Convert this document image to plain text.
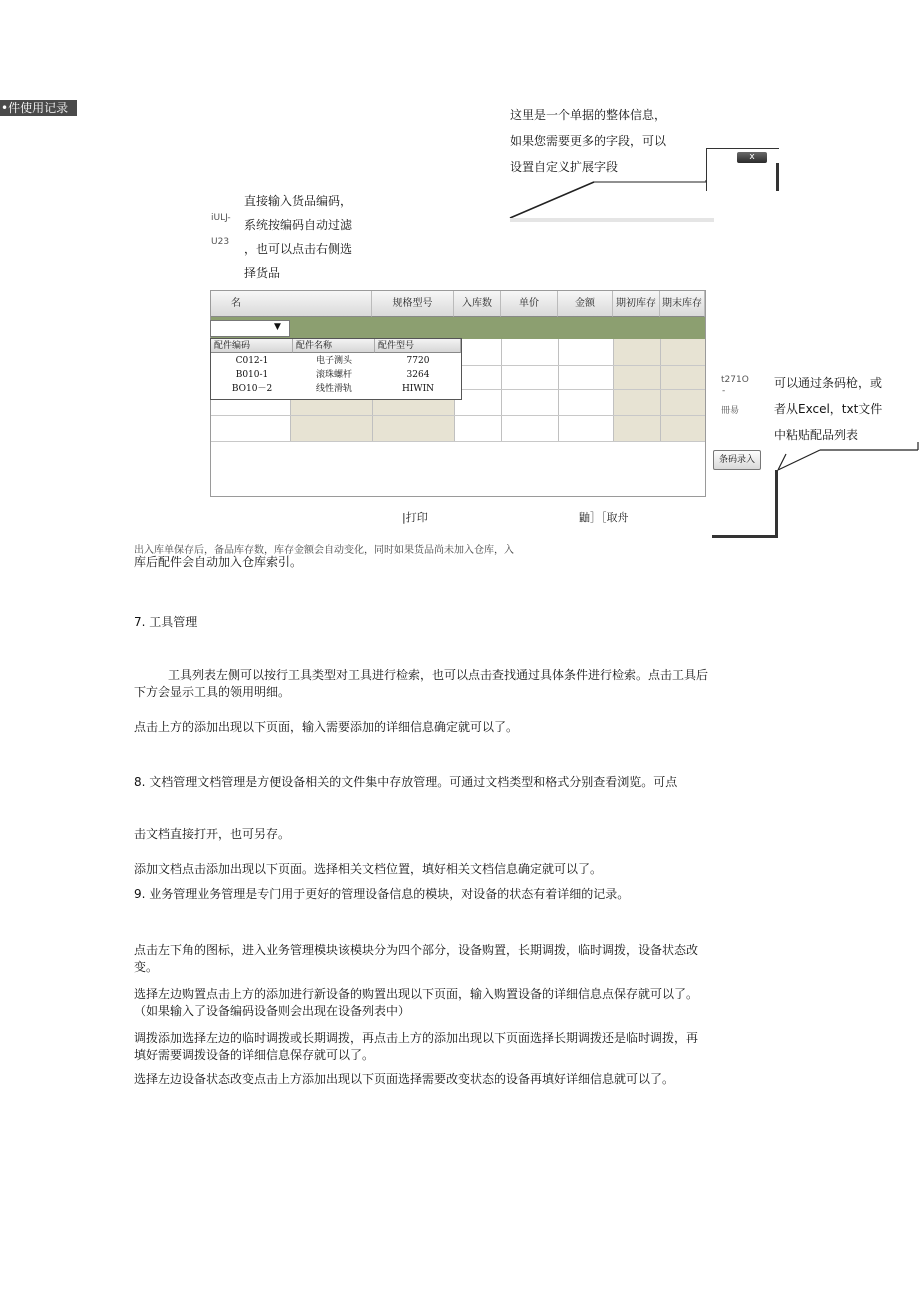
•件使用记录	这里是一个单据的整体信息，
如果您需要更多的字段，可以
设置自定义扩展字段
x
直接输入货品编码，
系统按编码自动过滤
，也可以点击右侧选
择货品
iULJ-
U23
名	规格型号	入库数	单价	金额	期初库存 期末库存
▼
配件编码	配件名称	配件型号
C012-1	电子测头	7720
B010-1	滚珠螺杆	3264
BO10－2	线性滑轨	HIWIN
|打印	鼬］［取舟
t271O
-
冊昜
可以通过条码枪，或
者从Excel，txt文件
中粘贴配品列表
条码录入
出入库单保存后，备品库存数，库存金额会自动变化，同时如果货品尚未加入仓库，入
库后配件会自动加入仓库索引。
7. 工具管理
工具列表左侧可以按行工具类型对工具进行检索，也可以点击查找通过具体条件进行检索。点击工具后
下方会显示工具的领用明细。
点击上方的添加出现以下页面，输入需要添加的详细信息确定就可以了。
8. 文档管理文档管理是方便设备相关的文件集中存放管理。可通过文档类型和格式分别查看浏览。可点
击文档直接打开，也可另存。
添加文档点击添加出现以下页面。选择相关文档位置，填好相关文档信息确定就可以了。
9. 业务管理业务管理是专门用于更好的管理设备信息的模块，对设备的状态有着详细的记录。
点击左下角的图标，进入业务管理模块该模块分为四个部分，设备购置，长期调拨，临时调拨，设备状态改
变。
选择左边购置点击上方的添加进行新设备的购置出现以下页面，输入购置设备的详细信息点保存就可以了。
（如果输入了设备编码设备则会出现在设备列表中）
调拨添加选择左边的临时调拨或长期调拨，再点击上方的添加出现以下页面选择长期调拨还是临时调拨，再
填好需要调拨设备的详细信息保存就可以了。
选择左边设备状态改变点击上方添加出现以下页面选择需要改变状态的设备再填好详细信息就可以了。
